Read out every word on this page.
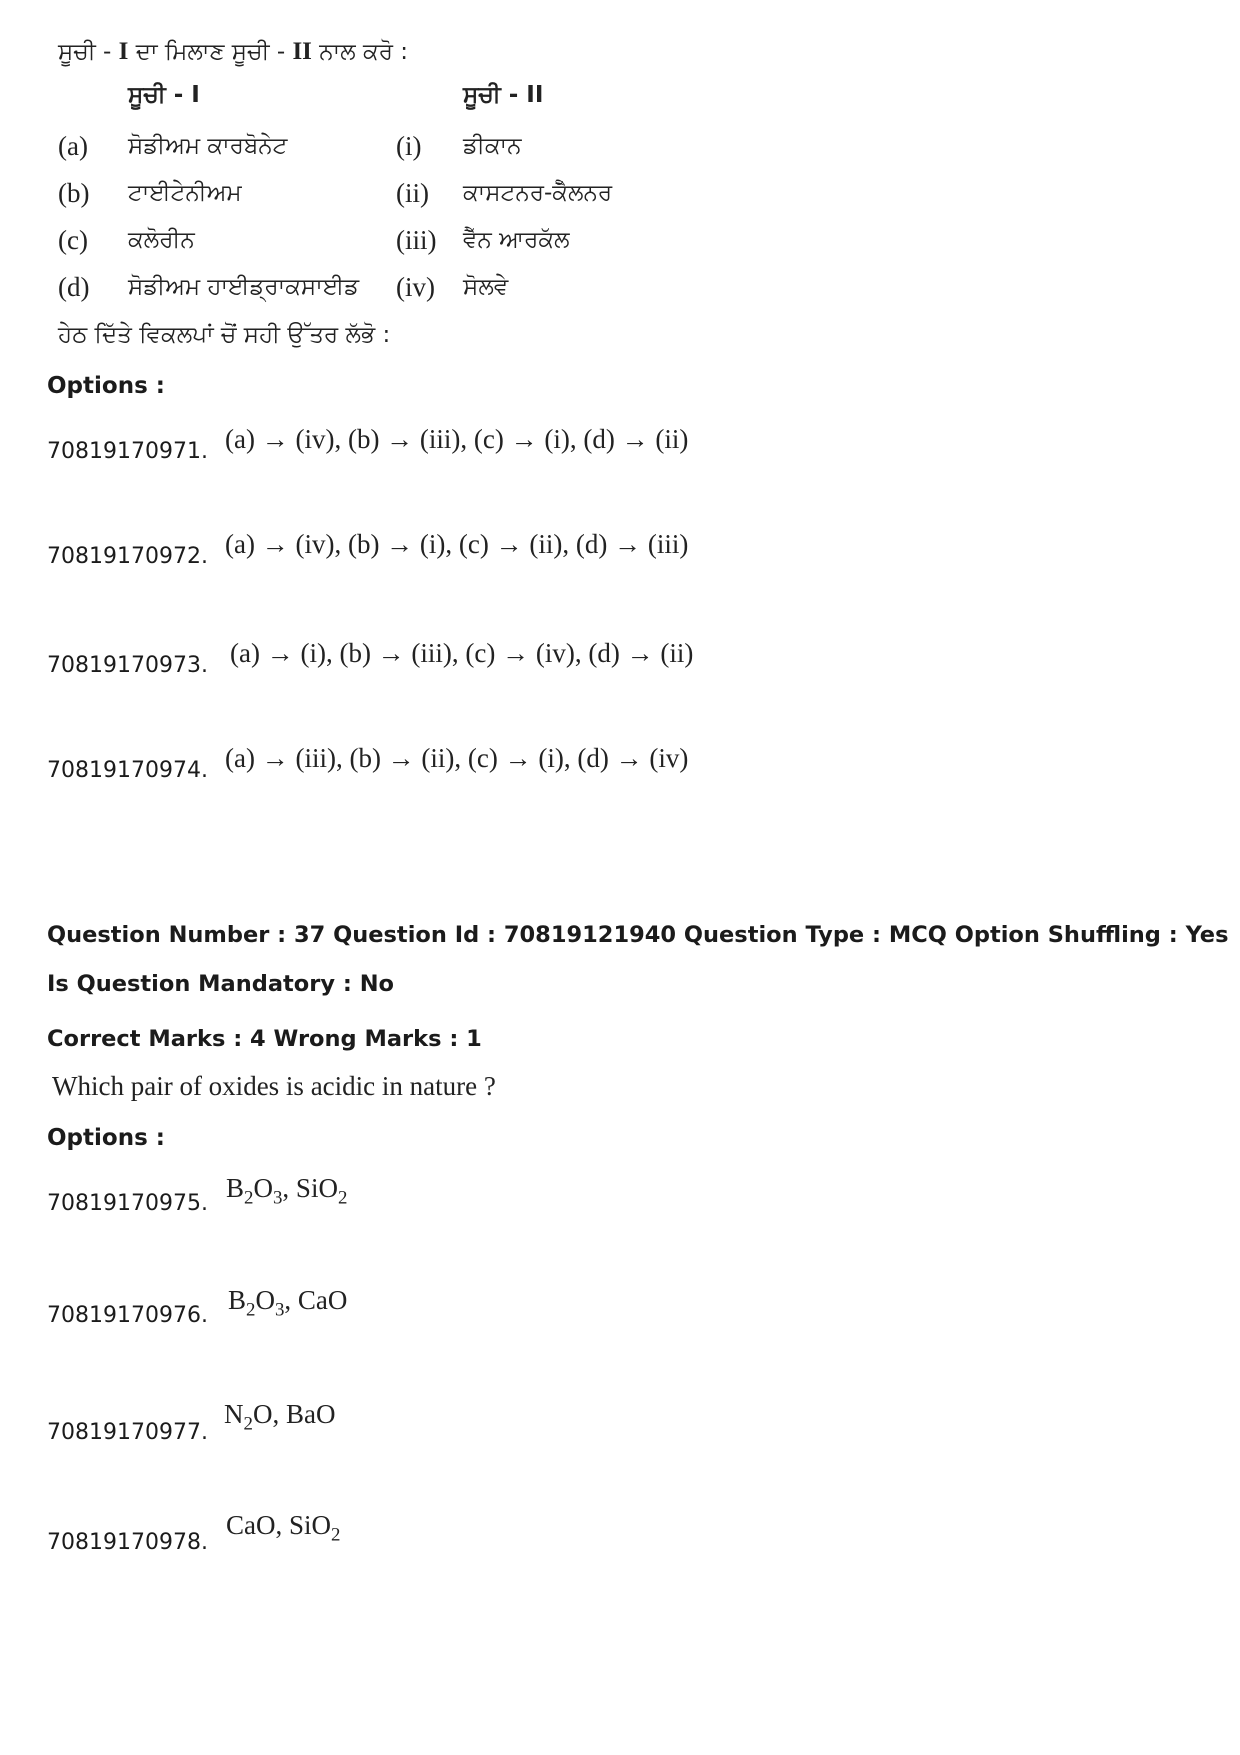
ਸੂਚੀ - I ਦਾ ਮਿਲਾਣ ਸੂਚੀ - II ਨਾਲ ਕਰੋ :
ਸੂਚੀ - I	ਸੂਚੀ - II
(a) ਸੋਡੀਅਮ ਕਾਰਬੋਨੇਟ	(i) ਡੀਕਾਨ
(b) ਟਾਈਟੇਨੀਅਮ	(ii) ਕਾਸਟਨਰ-ਕੈੱਲਨਰ
(c) ਕਲੋਰੀਨ	(iii) ਵੈੱਨ ਆਰਕੱਲ
(d) ਸੋਡੀਅਮ ਹਾਈਡ੍ਰਾਕਸਾਈਡ (iv) ਸੋਲਵੇ
ਹੇਠ ਦਿੱਤੇ ਵਿਕਲਪਾਂ ਚੋਂ ਸਹੀ ਉੱਤਰ ਲੱਭੋ :
Options :
70819170971. (a) → (iv), (b) → (iii), (c) → (i), (d) → (ii)
70819170972. (a) → (iv), (b) → (i), (c) → (ii), (d) → (iii)
70819170973. (a) → (i), (b) → (iii), (c) → (iv), (d) → (ii)
70819170974. (a) → (iii), (b) → (ii), (c) → (i), (d) → (iv)
Question Number : 37 Question Id : 70819121940 Question Type : MCQ Option Shuffling : Yes
Is Question Mandatory : No
Correct Marks : 4 Wrong Marks : 1
Which pair of oxides is acidic in nature ?
Options :
70819170975.
$B_2O_3$, SiO$_2$
70819170976.
$B_2O_3$, CaO
70819170977.
$N_2O$, BaO
70819170978.
CaO, SiO$_2$
